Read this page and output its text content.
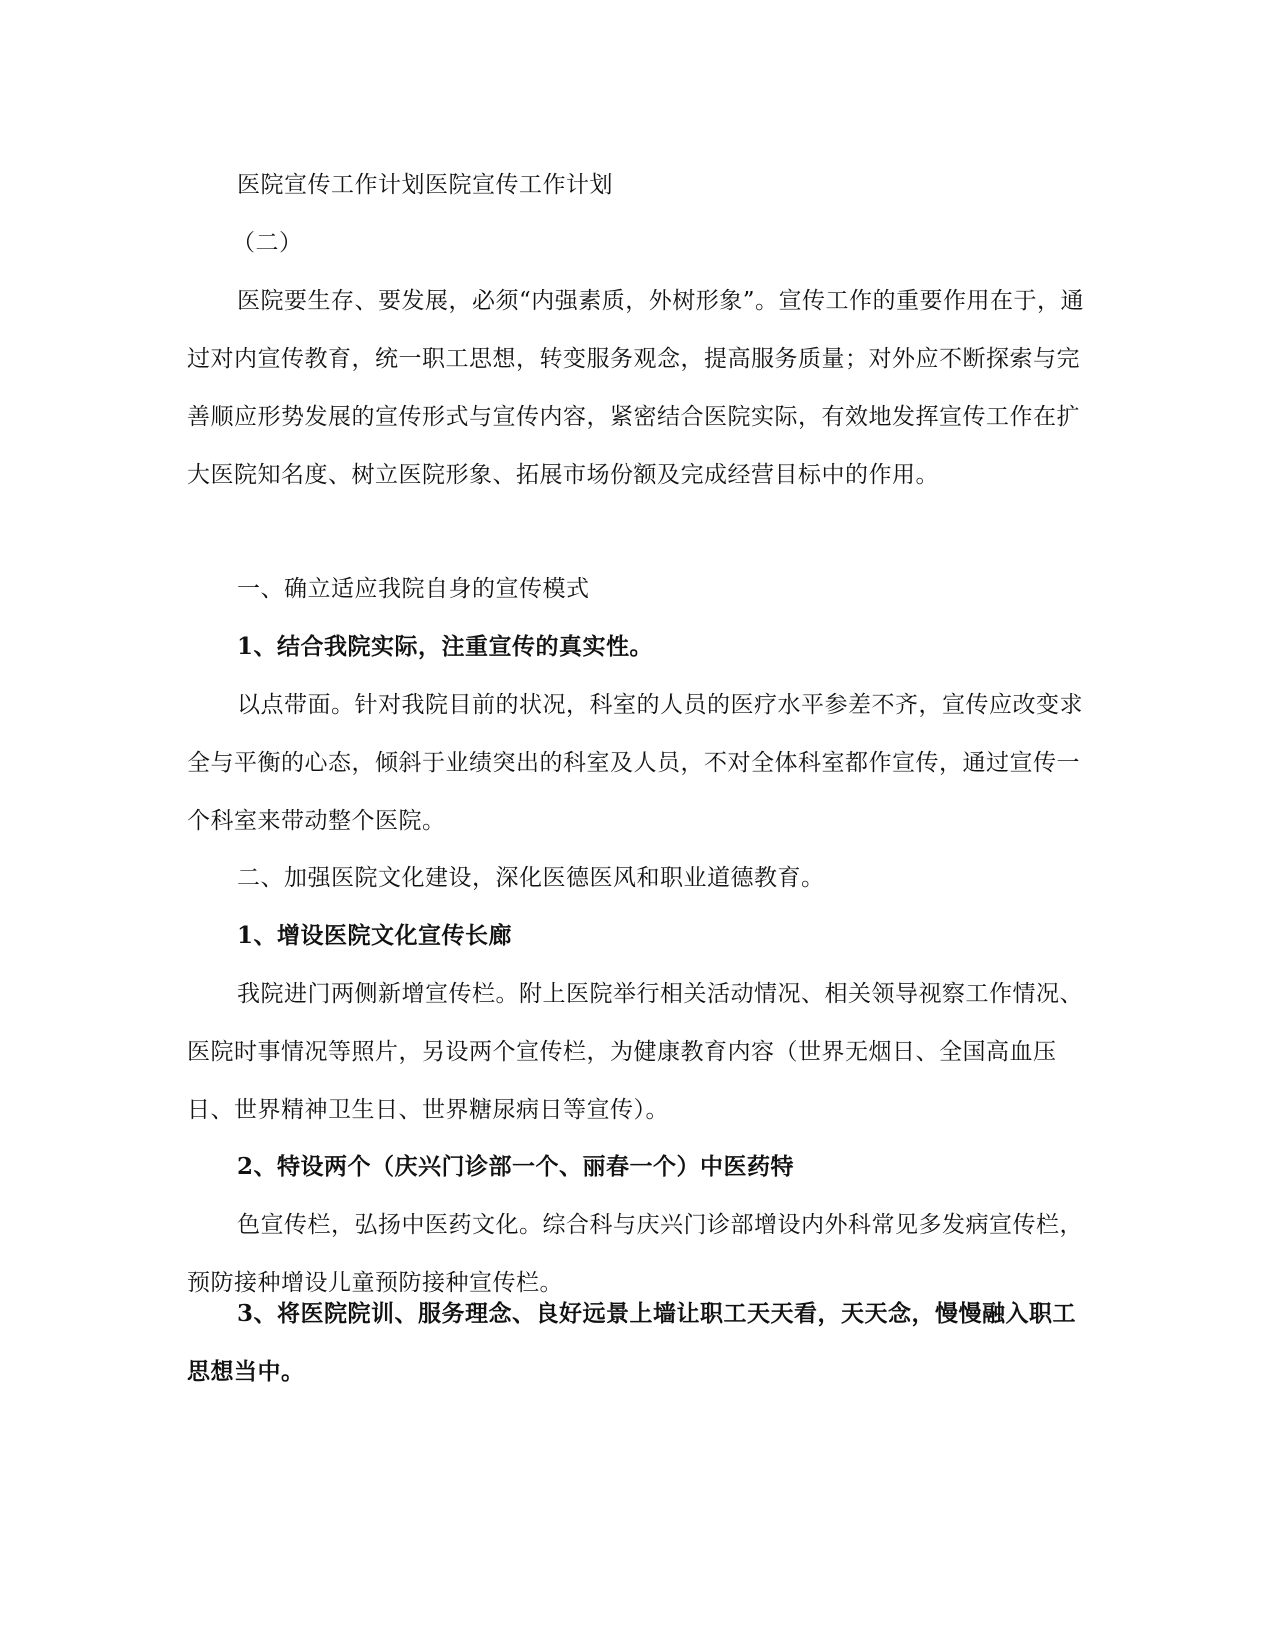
医院宣传工作计划医院宣传工作计划

（二）

医院要生存、要发展，必须“内强素质，外树形象”。宣传工作的重要作用在于，通过对内宣传教育，统一职工思想，转变服务观念，提高服务质量；对外应不断探索与完善顺应形势发展的宣传形式与宣传内容，紧密结合医院实际，有效地发挥宣传工作在扩大医院知名度、树立医院形象、拓展市场份额及完成经营目标中的作用。

一、确立适应我院自身的宣传模式

1、结合我院实际，注重宣传的真实性。

以点带面。针对我院目前的状况，科室的人员的医疗水平参差不齐，宣传应改变求全与平衡的心态，倾斜于业绩突出的科室及人员，不对全体科室都作宣传，通过宣传一个科室来带动整个医院。

二、加强医院文化建设，深化医德医风和职业道德教育。

1、增设医院文化宣传长廊

我院进门两侧新增宣传栏。附上医院举行相关活动情况、相关领导视察工作情况、医院时事情况等照片，另设两个宣传栏，为健康教育内容（世界无烟日、全国高血压日、世界精神卫生日、世界糖尿病日等宣传）。

2、特设两个（庆兴门诊部一个、丽春一个）中医药特

色宣传栏，弘扬中医药文化。综合科与庆兴门诊部增设内外科常见多发病宣传栏，预防接种增设儿童预防接种宣传栏。

3、将医院院训、服务理念、良好远景上墙让职工天天看，天天念，慢慢融入职工思想当中。
